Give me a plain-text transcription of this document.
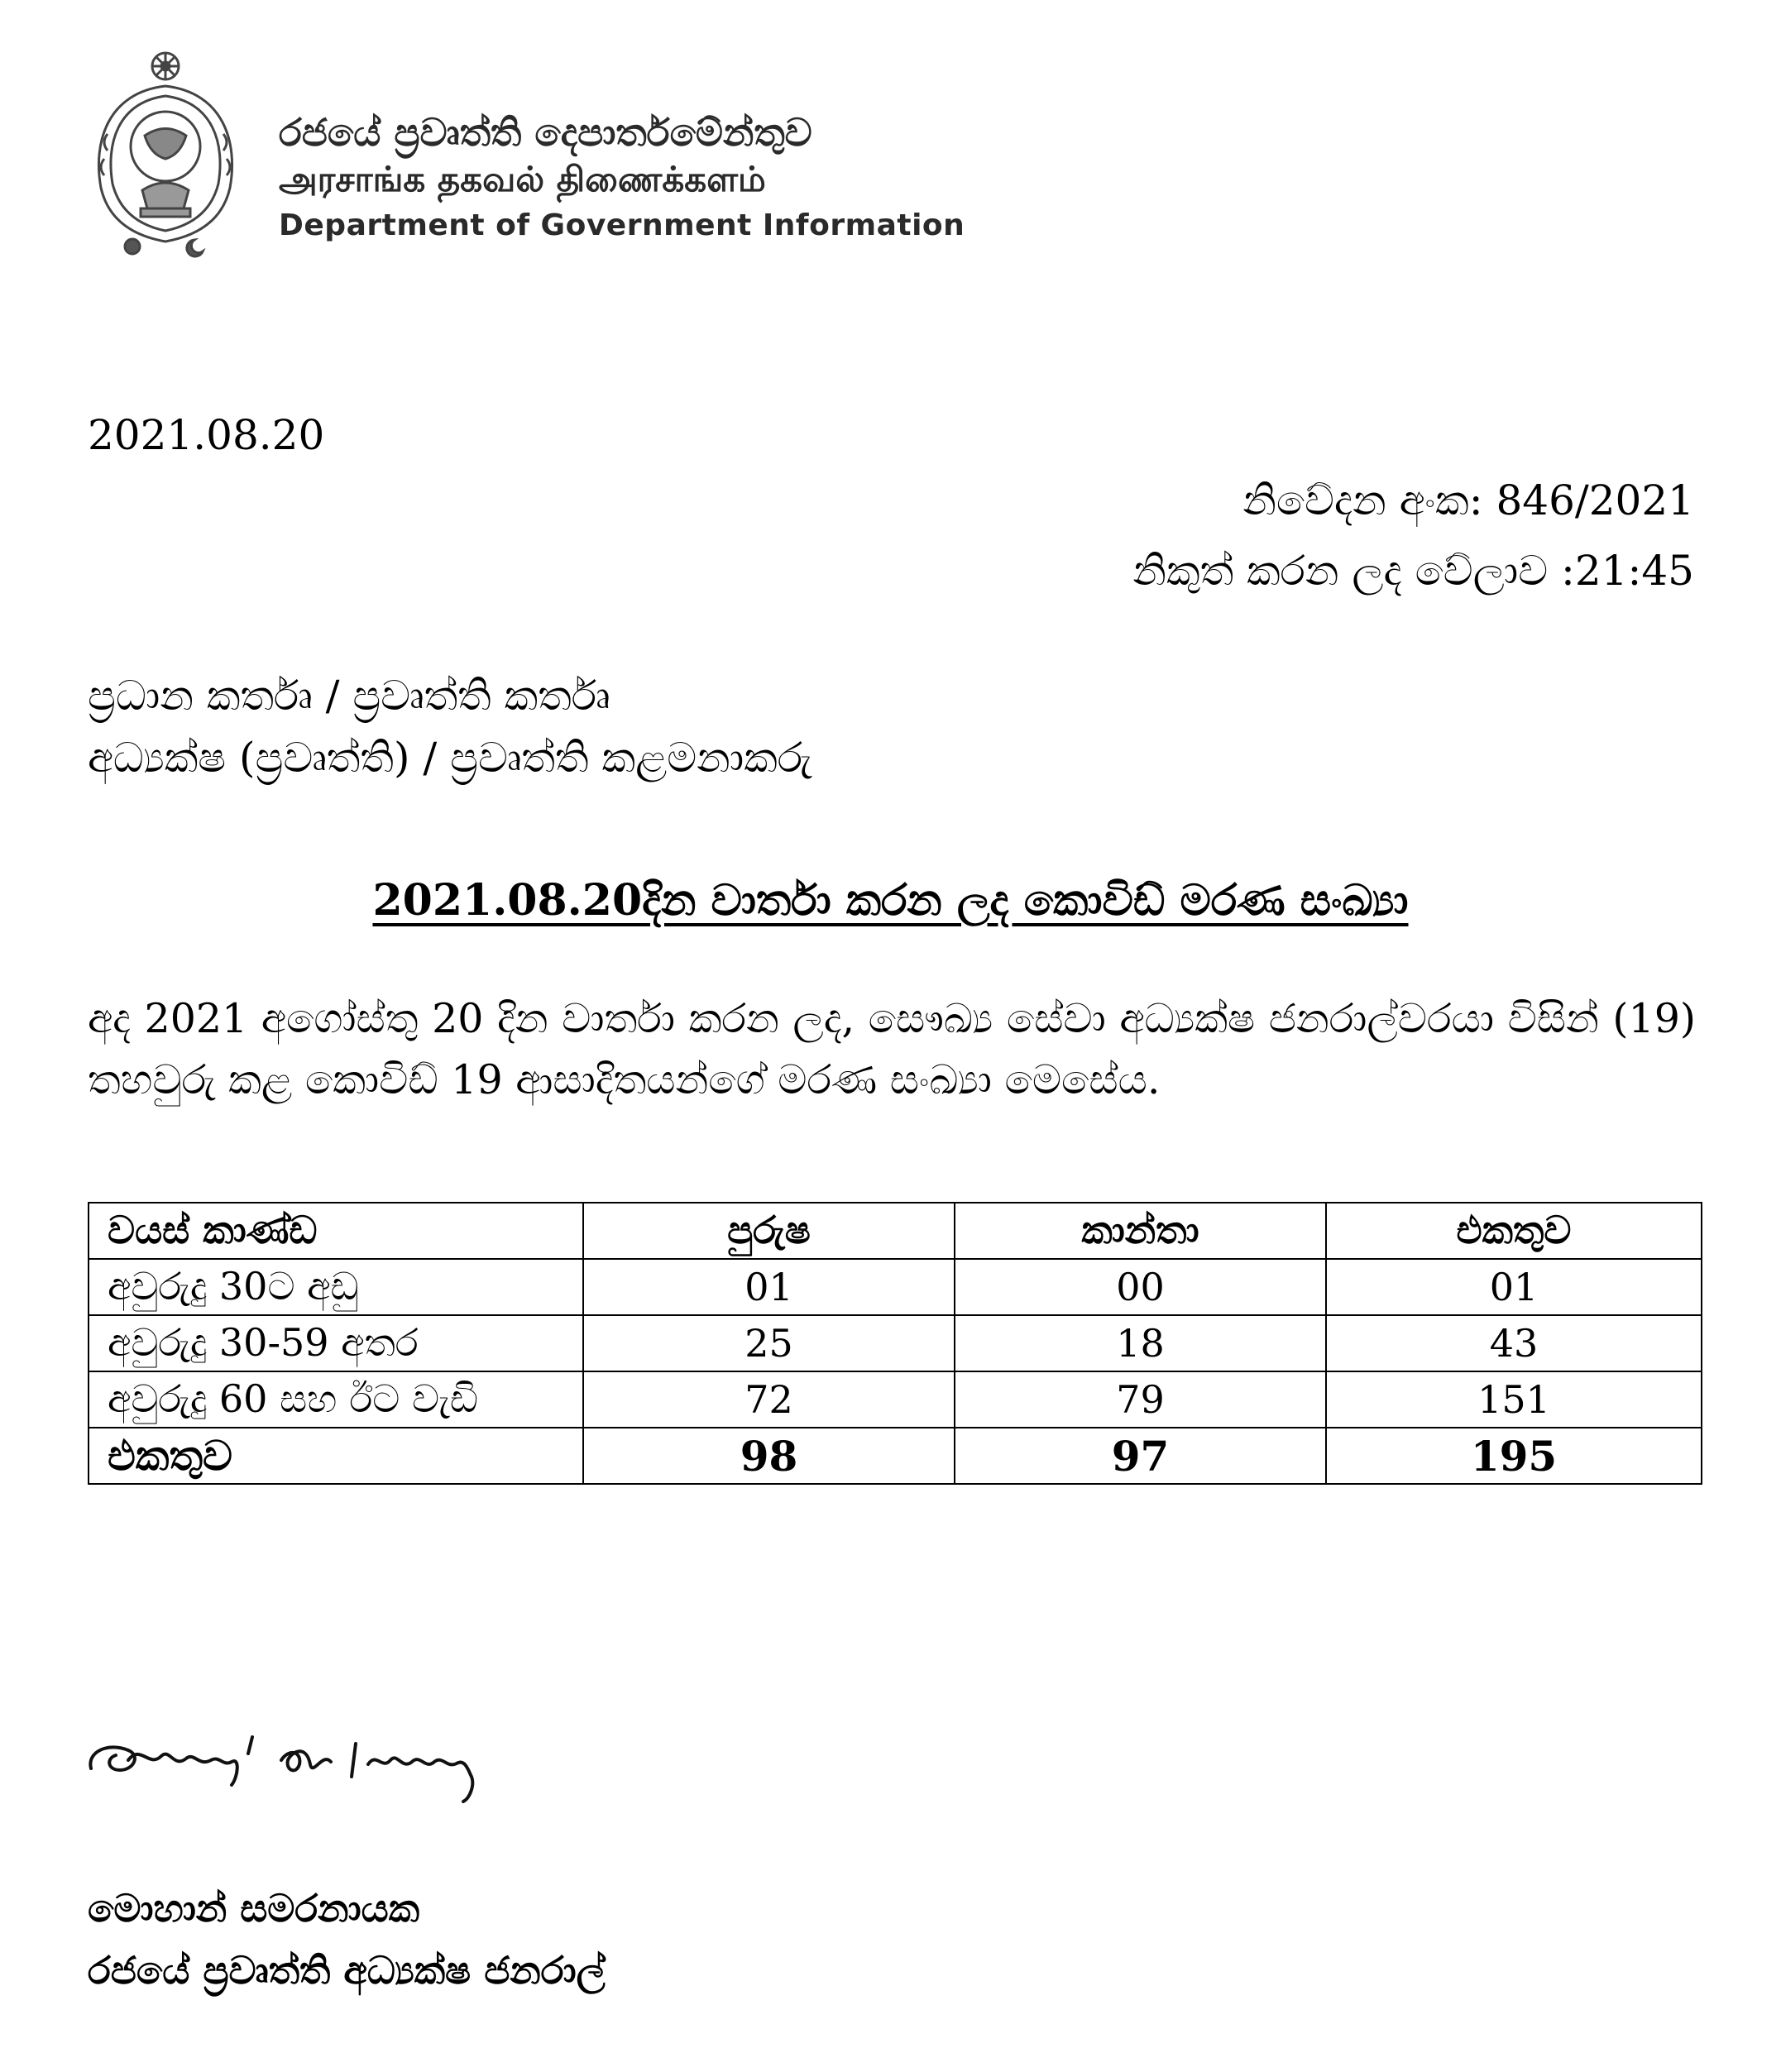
රජයේ ප්‍රවෘත්ති දෙපාර්තමේන්තුව
அரசாங்க தகவல் திணைக்களம்
Department of Government Information
2021.08.20
නිවේදන අංක: 846/2021
නිකුත් කරන ලද වේලාව :21:45
ප්‍රධාන කර්තෘ / ප්‍රවෘත්ති කර්තෘ
අධ්‍යක්ෂ (ප්‍රවෘත්ති) / ප්‍රවෘත්ති කළමනාකරු
2021.08.20දින වාර්තා කරන ලද කොවිඩ් මරණ සංඛ්‍යා
අද 2021 අගෝස්තු 20 දින වාර්තා කරන ලද, සෞඛ්‍ය සේවා අධ්‍යක්ෂ ජනරාල්වරයා විසින් (19) තහවුරු කළ කොවිඩ් 19 ආසාදිතයන්ගේ මරණ සංඛ්‍යා මෙසේය.
වයස් කාණ්ඩ	පුරුෂ	කාන්තා	එකතුව
අවුරුදු 30ට අඩු	01	00	01
අවුරුදු 30-59 අතර	25	18	43
අවුරුදු 60 සහ ඊට වැඩි	72	79	151
එකතුව	98	97	195
මොහාන් සමරනායක
රජයේ ප්‍රවෘත්ති අධ්‍යක්ෂ ජනරාල්
